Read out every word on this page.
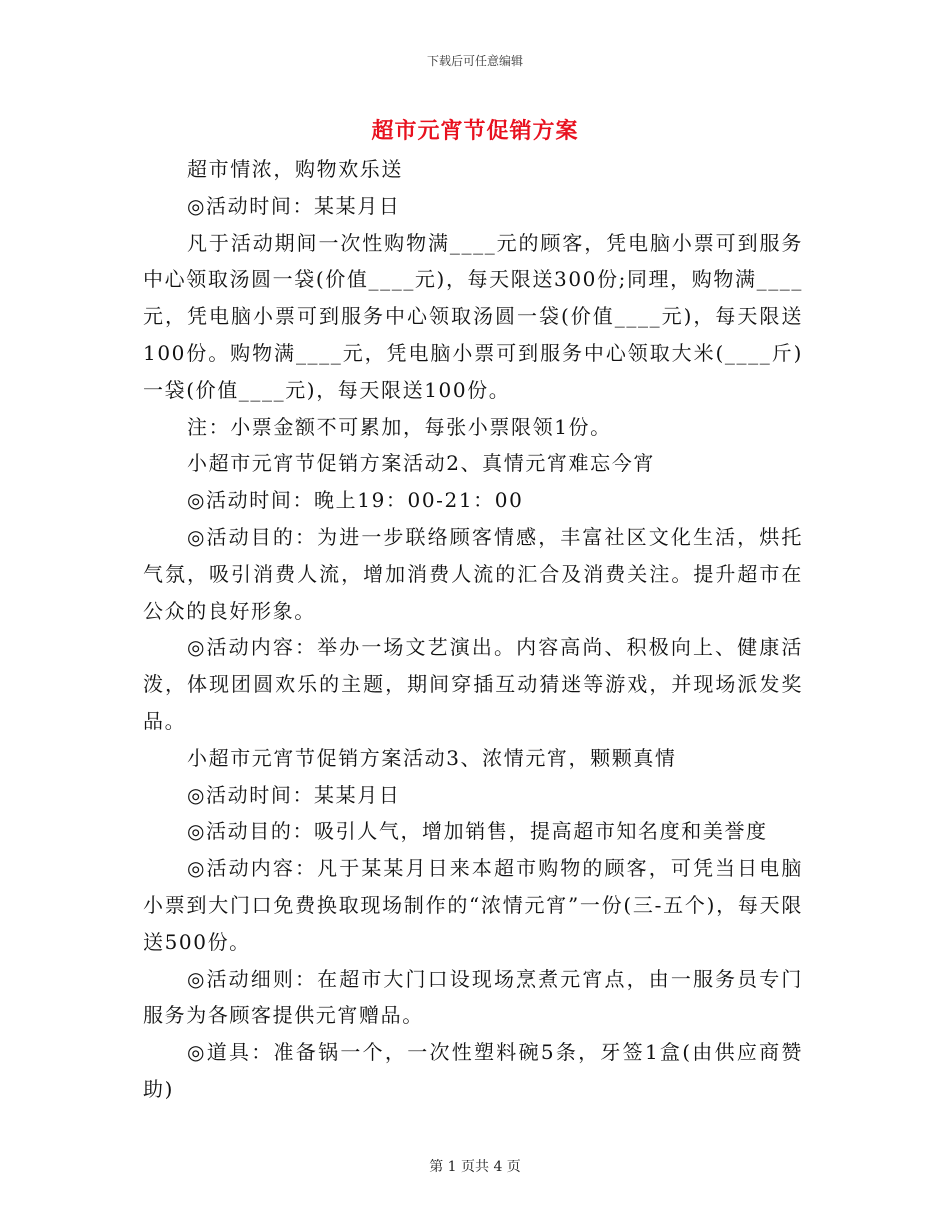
下载后可任意编辑
超市元宵节促销方案

超市情浓，购物欢乐送

◎活动时间：某某月日

凡于活动期间一次性购物满____元的顾客，凭电脑小票可到服务中心领取汤圆一袋(价值____元)，每天限送300份;同理，购物满____元，凭电脑小票可到服务中心领取汤圆一袋(价值____元)，每天限送100份。购物满____元，凭电脑小票可到服务中心领取大米(____斤)一袋(价值____元)，每天限送100份。

注：小票金额不可累加，每张小票限领1份。

小超市元宵节促销方案活动2、真情元宵难忘今宵

◎活动时间：晚上19：00-21：00

◎活动目的：为进一步联络顾客情感，丰富社区文化生活，烘托气氛，吸引消费人流，增加消费人流的汇合及消费关注。提升超市在公众的良好形象。

◎活动内容：举办一场文艺演出。内容高尚、积极向上、健康活泼，体现团圆欢乐的主题，期间穿插互动猜迷等游戏，并现场派发奖品。

小超市元宵节促销方案活动3、浓情元宵，颗颗真情

◎活动时间：某某月日

◎活动目的：吸引人气，增加销售，提高超市知名度和美誉度

◎活动内容：凡于某某月日来本超市购物的顾客，可凭当日电脑小票到大门口免费换取现场制作的“浓情元宵”一份(三-五个)，每天限送500份。

◎活动细则：在超市大门口设现场烹煮元宵点，由一服务员专门服务为各顾客提供元宵赠品。

◎道具：准备锅一个，一次性塑料碗5条，牙签1盒(由供应商赞助)

第 1 页共 4 页
